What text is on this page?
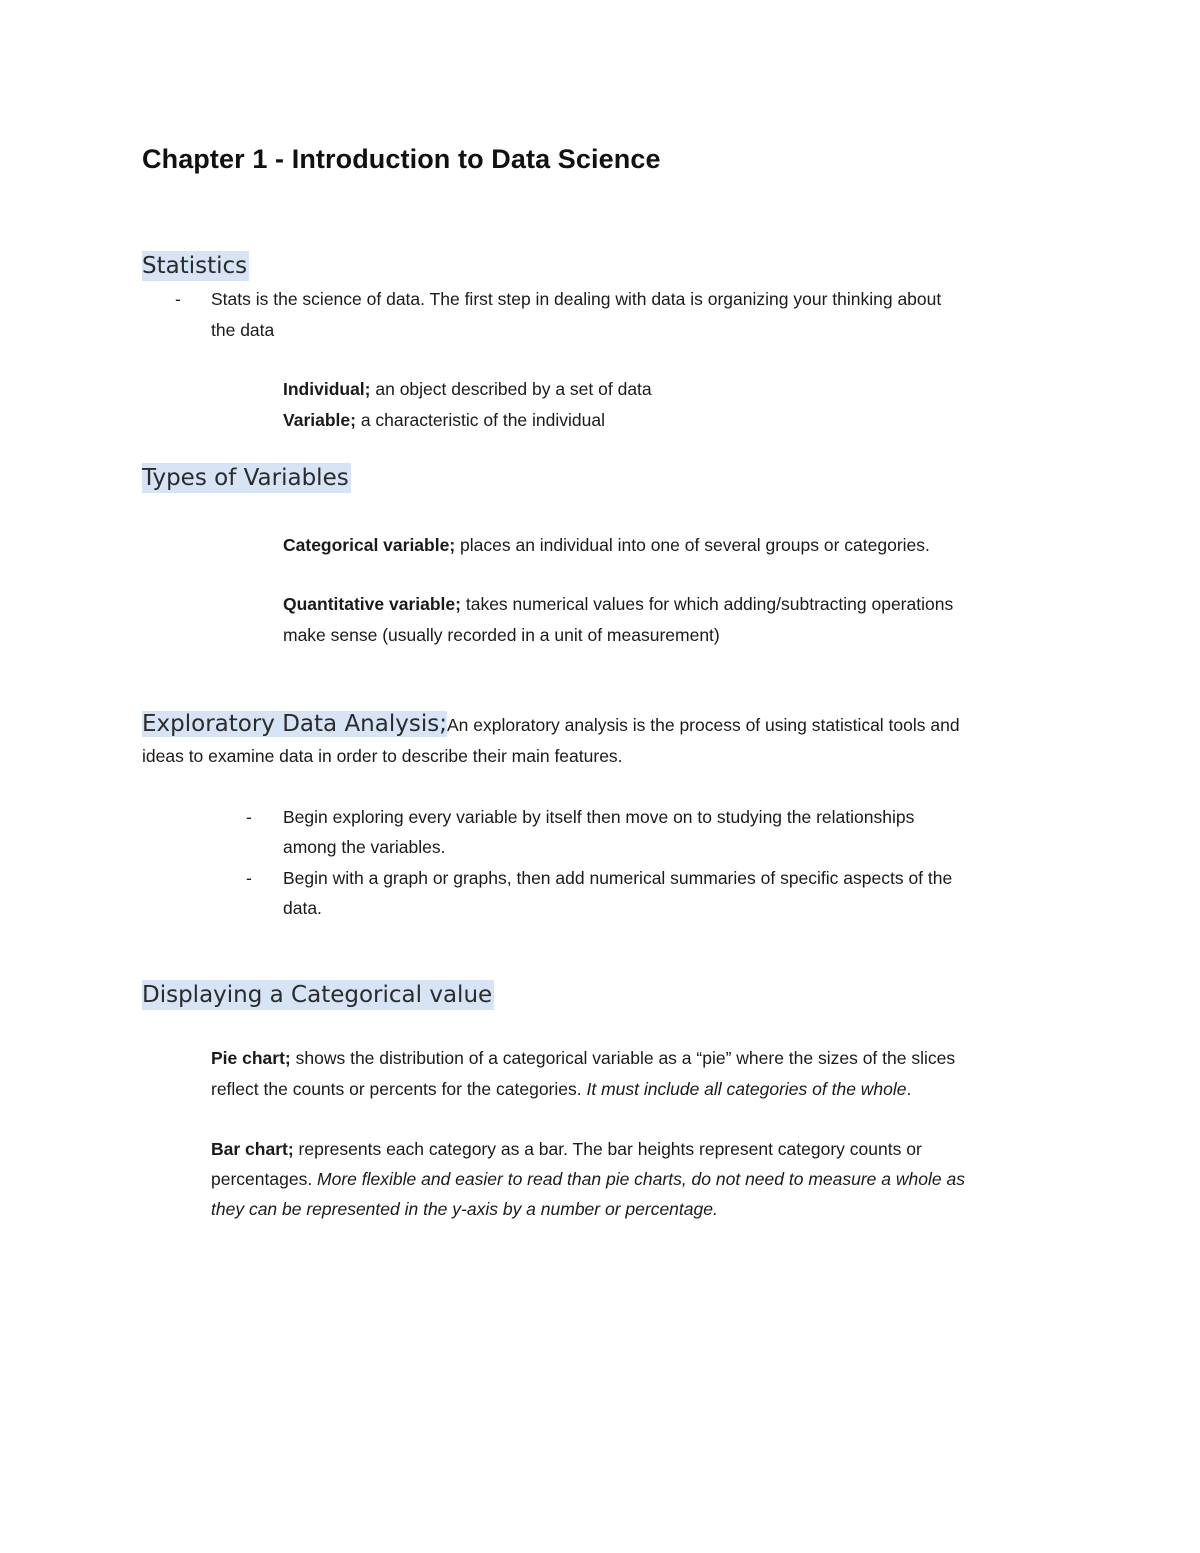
Chapter 1 - Introduction to Data Science
Statistics
- Stats is the science of data. The first step in dealing with data is organizing your thinking about
the data
Individual; an object described by a set of data
Variable; a characteristic of the individual
Types of Variables
Categorical variable; places an individual into one of several groups or categories.
Quantitative variable; takes numerical values for which adding/subtracting operations
make sense (usually recorded in a unit of measurement)
Exploratory Data Analysis;An exploratory analysis is the process of using statistical tools and
ideas to examine data in order to describe their main features.
- Begin exploring every variable by itself then move on to studying the relationships
among the variables.
- Begin with a graph or graphs, then add numerical summaries of specific aspects of the
data.
Displaying a Categorical value
Pie chart; shows the distribution of a categorical variable as a “pie” where the sizes of the slices
reflect the counts or percents for the categories. It must include all categories of the whole.
Bar chart; represents each category as a bar. The bar heights represent category counts or
percentages. More flexible and easier to read than pie charts, do not need to measure a whole as
they can be represented in the y-axis by a number or percentage.
